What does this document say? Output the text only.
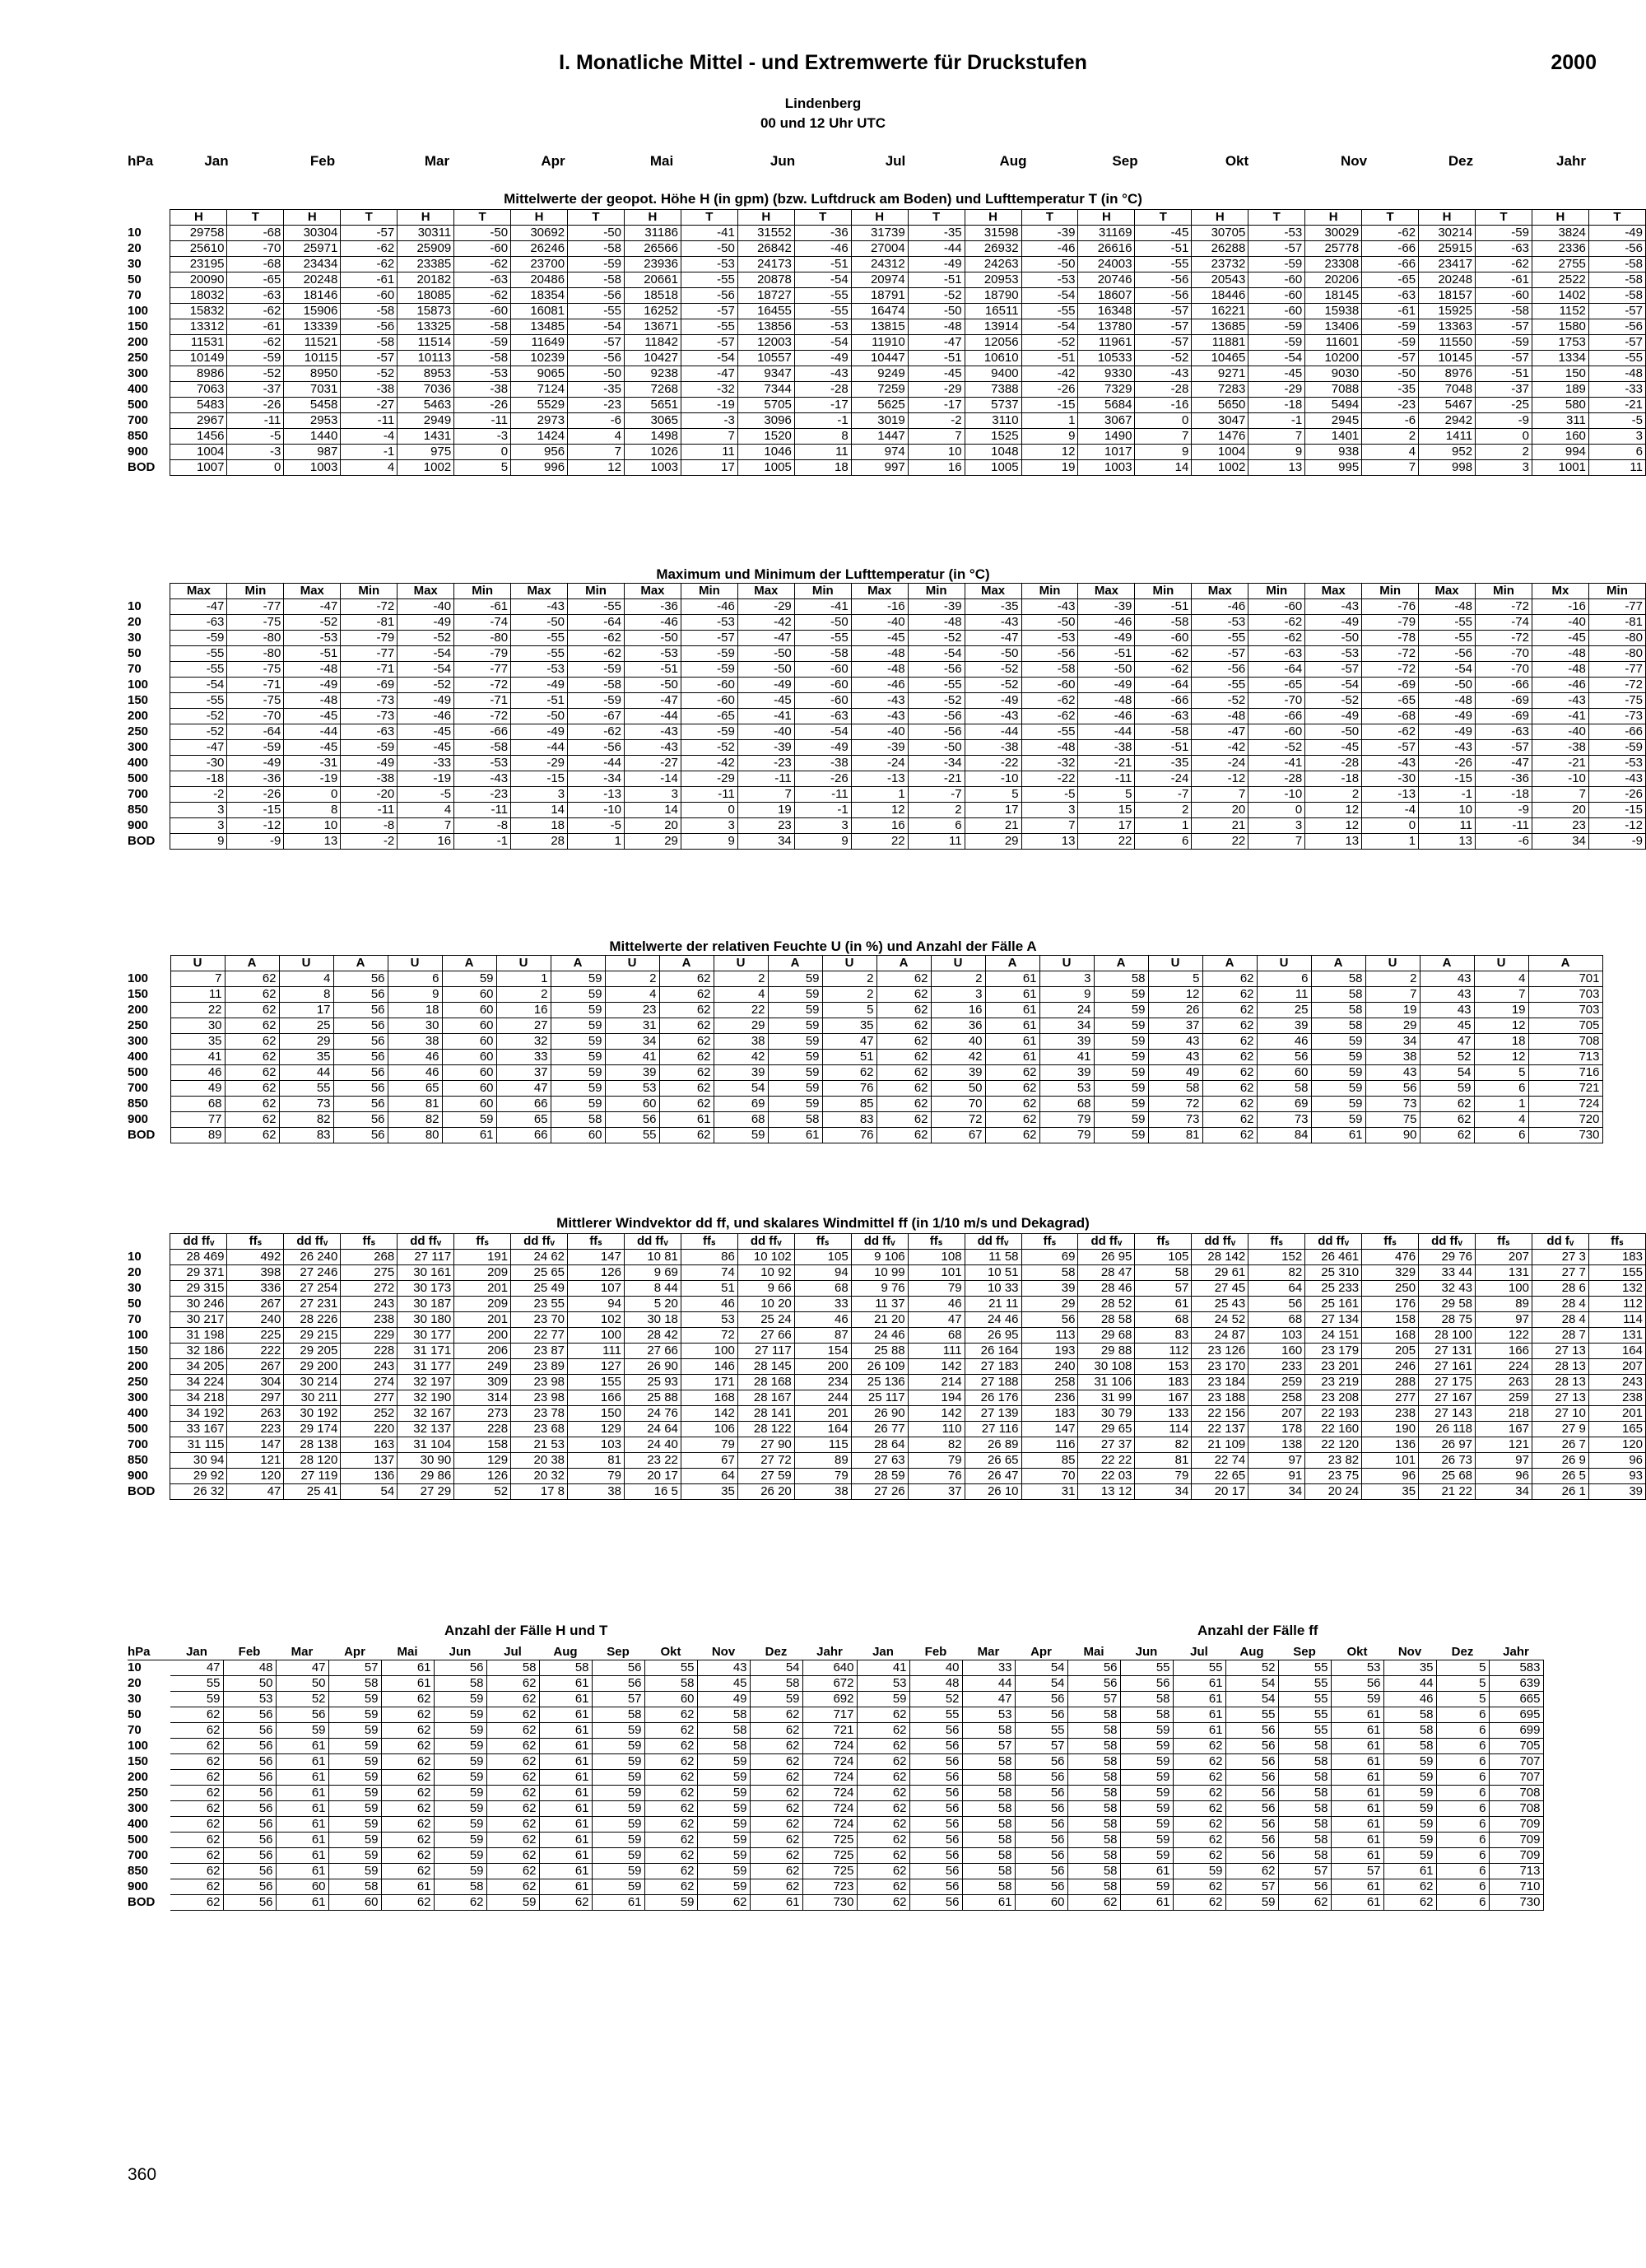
I. Monatliche Mittel - und Extremwerte für Druckstufen	2000
Lindenberg
00 und 12 Uhr UTC
hPa	Jan	Feb	Mar	Apr	Mai	Jun	Jul	Aug	Sep	Okt	Nov	Dez	Jahr
Mittelwerte der geopot. Höhe H (in gpm) (bzw. Luftdruck am Boden) und Lufttemperatur T (in °C)
	H	T	H	T	H	T	H	T	H	T	H	T	H	T	H	T	H	T	H	T	H	T	H	T	H	T
10	29758	-68	30304	-57	30311	-50	30692	-50	31186	-41	31552	-36	31739	-35	31598	-39	31169	-45	30705	-53	30029	-62	30214	-59	3824	-49
20	25610	-70	25971	-62	25909	-60	26246	-58	26566	-50	26842	-46	27004	-44	26932	-46	26616	-51	26288	-57	25778	-66	25915	-63	2336	-56
30	23195	-68	23434	-62	23385	-62	23700	-59	23936	-53	24173	-51	24312	-49	24263	-50	24003	-55	23732	-59	23308	-66	23417	-62	2755	-58
50	20090	-65	20248	-61	20182	-63	20486	-58	20661	-55	20878	-54	20974	-51	20953	-53	20746	-56	20543	-60	20206	-65	20248	-61	2522	-58
70	18032	-63	18146	-60	18085	-62	18354	-56	18518	-56	18727	-55	18791	-52	18790	-54	18607	-56	18446	-60	18145	-63	18157	-60	1402	-58
100	15832	-62	15906	-58	15873	-60	16081	-55	16252	-57	16455	-55	16474	-50	16511	-55	16348	-57	16221	-60	15938	-61	15925	-58	1152	-57
150	13312	-61	13339	-56	13325	-58	13485	-54	13671	-55	13856	-53	13815	-48	13914	-54	13780	-57	13685	-59	13406	-59	13363	-57	1580	-56
200	11531	-62	11521	-58	11514	-59	11649	-57	11842	-57	12003	-54	11910	-47	12056	-52	11961	-57	11881	-59	11601	-59	11550	-59	1753	-57
250	10149	-59	10115	-57	10113	-58	10239	-56	10427	-54	10557	-49	10447	-51	10610	-51	10533	-52	10465	-54	10200	-57	10145	-57	1334	-55
300	8986	-52	8950	-52	8953	-53	9065	-50	9238	-47	9347	-43	9249	-45	9400	-42	9330	-43	9271	-45	9030	-50	8976	-51	150	-48
400	7063	-37	7031	-38	7036	-38	7124	-35	7268	-32	7344	-28	7259	-29	7388	-26	7329	-28	7283	-29	7088	-35	7048	-37	189	-33
500	5483	-26	5458	-27	5463	-26	5529	-23	5651	-19	5705	-17	5625	-17	5737	-15	5684	-16	5650	-18	5494	-23	5467	-25	580	-21
700	2967	-11	2953	-11	2949	-11	2973	-6	3065	-3	3096	-1	3019	-2	3110	1	3067	0	3047	-1	2945	-6	2942	-9	311	-5
850	1456	-5	1440	-4	1431	-3	1424	4	1498	7	1520	8	1447	7	1525	9	1490	7	1476	7	1401	2	1411	0	160	3
900	1004	-3	987	-1	975	0	956	7	1026	11	1046	11	974	10	1048	12	1017	9	1004	9	938	4	952	2	994	6
BOD	1007	0	1003	4	1002	5	996	12	1003	17	1005	18	997	16	1005	19	1003	14	1002	13	995	7	998	3	1001	11
Maximum und Minimum der Lufttemperatur (in °C)
	Max	Min	Max	Min	Max	Min	Max	Min	Max	Min	Max	Min	Max	Min	Max	Min	Max	Min	Max	Min	Max	Min	Max	Min	Mx	Min
10	-47	-77	-47	-72	-40	-61	-43	-55	-36	-46	-29	-41	-16	-39	-35	-43	-39	-51	-46	-60	-43	-76	-48	-72	-16	-77
20	-63	-75	-52	-81	-49	-74	-50	-64	-46	-53	-42	-50	-40	-48	-43	-50	-46	-58	-53	-62	-49	-79	-55	-74	-40	-81
30	-59	-80	-53	-79	-52	-80	-55	-62	-50	-57	-47	-55	-45	-52	-47	-53	-49	-60	-55	-62	-50	-78	-55	-72	-45	-80
50	-55	-80	-51	-77	-54	-79	-55	-62	-53	-59	-50	-58	-48	-54	-50	-56	-51	-62	-57	-63	-53	-72	-56	-70	-48	-80
70	-55	-75	-48	-71	-54	-77	-53	-59	-51	-59	-50	-60	-48	-56	-52	-58	-50	-62	-56	-64	-57	-72	-54	-70	-48	-77
100	-54	-71	-49	-69	-52	-72	-49	-58	-50	-60	-49	-60	-46	-55	-52	-60	-49	-64	-55	-65	-54	-69	-50	-66	-46	-72
150	-55	-75	-48	-73	-49	-71	-51	-59	-47	-60	-45	-60	-43	-52	-49	-62	-48	-66	-52	-70	-52	-65	-48	-69	-43	-75
200	-52	-70	-45	-73	-46	-72	-50	-67	-44	-65	-41	-63	-43	-56	-43	-62	-46	-63	-48	-66	-49	-68	-49	-69	-41	-73
250	-52	-64	-44	-63	-45	-66	-49	-62	-43	-59	-40	-54	-40	-56	-44	-55	-44	-58	-47	-60	-50	-62	-49	-63	-40	-66
300	-47	-59	-45	-59	-45	-58	-44	-56	-43	-52	-39	-49	-39	-50	-38	-48	-38	-51	-42	-52	-45	-57	-43	-57	-38	-59
400	-30	-49	-31	-49	-33	-53	-29	-44	-27	-42	-23	-38	-24	-34	-22	-32	-21	-35	-24	-41	-28	-43	-26	-47	-21	-53
500	-18	-36	-19	-38	-19	-43	-15	-34	-14	-29	-11	-26	-13	-21	-10	-22	-11	-24	-12	-28	-18	-30	-15	-36	-10	-43
700	-2	-26	0	-20	-5	-23	3	-13	3	-11	7	-11	1	-7	5	-5	5	-7	7	-10	2	-13	-1	-18	7	-26
850	3	-15	8	-11	4	-11	14	-10	14	0	19	-1	12	2	17	3	15	2	20	0	12	-4	10	-9	20	-15
900	3	-12	10	-8	7	-8	18	-5	20	3	23	3	16	6	21	7	17	1	21	3	12	0	11	-11	23	-12
BOD	9	-9	13	-2	16	-1	28	1	29	9	34	9	22	11	29	13	22	6	22	7	13	1	13	-6	34	-9
Mittelwerte der relativen Feuchte U (in %) und Anzahl der Fälle A
	U	A	U	A	U	A	U	A	U	A	U	A	U	A	U	A	U	A	U	A	U	A	U	A	U	A
100	7	62	4	56	6	59	1	59	2	62	2	59	2	62	2	61	3	58	5	62	6	58	2	43	4	701
150	11	62	8	56	9	60	2	59	4	62	4	59	2	62	3	61	9	59	12	62	11	58	7	43	7	703
200	22	62	17	56	18	60	16	59	23	62	22	59	5	62	16	61	24	59	26	62	25	58	19	43	19	703
250	30	62	25	56	30	60	27	59	31	62	29	59	35	62	36	61	34	59	37	62	39	58	29	45	12	705
300	35	62	29	56	38	60	32	59	34	62	38	59	47	62	40	61	39	59	43	62	46	59	34	47	18	708
400	41	62	35	56	46	60	33	59	41	62	42	59	51	62	42	61	41	59	43	62	56	59	38	52	12	713
500	46	62	44	56	46	60	37	59	39	62	39	59	62	62	39	62	39	59	49	62	60	59	43	54	5	716
700	49	62	55	56	65	60	47	59	53	62	54	59	76	62	50	62	53	59	58	62	58	59	56	59	6	721
850	68	62	73	56	81	60	66	59	60	62	69	59	85	62	70	62	68	59	72	62	69	59	73	62	1	724
900	77	62	82	56	82	59	65	58	56	61	68	58	83	62	72	62	79	59	73	62	73	59	75	62	4	720
BOD	89	62	83	56	80	61	66	60	55	62	59	61	76	62	67	62	79	59	81	62	84	61	90	62	6	730
Mittlerer Windvektor dd ff, und skalares Windmittel ff (in 1/10 m/s und Dekagrad)
	dd ffᵥ	ffₛ	dd ffᵥ	ffₛ	dd ffᵥ	ffₛ	dd ffᵥ	ffₛ	dd ffᵥ	ffₛ	dd ffᵥ	ffₛ	dd ffᵥ	ffₛ	dd ffᵥ	ffₛ	dd ffᵥ	ffₛ	dd ffᵥ	ffₛ	dd ffᵥ	ffₛ	dd ffᵥ	ffₛ	dd fᵥ	ffₛ
10	28 469	492	26 240	268	27 117	191	24 62	147	10 81	86	10 102	105	9 106	108	11 58	69	26 95	105	28 142	152	26 461	476	29 76	207	27 3	183
20	29 371	398	27 246	275	30 161	209	25 65	126	9 69	74	10 92	94	10 99	101	10 51	58	28 47	58	29 61	82	25 310	329	33 44	131	27 7	155
30	29 315	336	27 254	272	30 173	201	25 49	107	8 44	51	9 66	68	9 76	79	10 33	39	28 46	57	27 45	64	25 233	250	32 43	100	28 6	132
50	30 246	267	27 231	243	30 187	209	23 55	94	5 20	46	10 20	33	11 37	46	21 11	29	28 52	61	25 43	56	25 161	176	29 58	89	28 4	112
70	30 217	240	28 226	238	30 180	201	23 70	102	30 18	53	25 24	46	21 20	47	24 46	56	28 58	68	24 52	68	27 134	158	28 75	97	28 4	114
100	31 198	225	29 215	229	30 177	200	22 77	100	28 42	72	27 66	87	24 46	68	26 95	113	29 68	83	24 87	103	24 151	168	28 100	122	28 7	131
150	32 186	222	29 205	228	31 171	206	23 87	111	27 66	100	27 117	154	25 88	111	26 164	193	29 88	112	23 126	160	23 179	205	27 131	166	27 13	164
200	34 205	267	29 200	243	31 177	249	23 89	127	26 90	146	28 145	200	26 109	142	27 183	240	30 108	153	23 170	233	23 201	246	27 161	224	28 13	207
250	34 224	304	30 214	274	32 197	309	23 98	155	25 93	171	28 168	234	25 136	214	27 188	258	31 106	183	23 184	259	23 219	288	27 175	263	28 13	243
300	34 218	297	30 211	277	32 190	314	23 98	166	25 88	168	28 167	244	25 117	194	26 176	236	31 99	167	23 188	258	23 208	277	27 167	259	27 13	238
400	34 192	263	30 192	252	32 167	273	23 78	150	24 76	142	28 141	201	26 90	142	27 139	183	30 79	133	22 156	207	22 193	238	27 143	218	27 10	201
500	33 167	223	29 174	220	32 137	228	23 68	129	24 64	106	28 122	164	26 77	110	27 116	147	29 65	114	22 137	178	22 160	190	26 118	167	27 9	165
700	31 115	147	28 138	163	31 104	158	21 53	103	24 40	79	27 90	115	28 64	82	26 89	116	27 37	82	21 109	138	22 120	136	26 97	121	26 7	120
850	30 94	121	28 120	137	30 90	129	20 38	81	23 22	67	27 72	89	27 63	79	26 65	85	22 22	81	22 74	97	23 82	101	26 73	97	26 9	96
900	29 92	120	27 119	136	29 86	126	20 32	79	20 17	64	27 59	79	28 59	76	26 47	70	22 03	79	22 65	91	23 75	96	25 68	96	26 5	93
BOD	26 32	47	25 41	54	27 29	52	17 8	38	16 5	35	26 20	38	27 26	37	26 10	31	13 12	34	20 17	34	20 24	35	21 22	34	26 1	39
Anzahl der Fälle H und T	Anzahl der Fälle ff
hPa	Jan	Feb	Mar	Apr	Mai	Jun	Jul	Aug	Sep	Okt	Nov	Dez	Jahr	Jan	Feb	Mar	Apr	Mai	Jun	Jul	Aug	Sep	Okt	Nov	Dez	Jahr
10	47	48	47	57	61	56	58	58	56	55	43	54	640	41	40	33	54	56	55	55	52	55	53	35	5	583
20	55	50	50	58	61	58	62	61	56	58	45	58	672	53	48	44	54	56	56	61	54	55	56	44	5	639
30	59	53	52	59	62	59	62	61	57	60	49	59	692	59	52	47	56	57	58	61	54	55	59	46	5	665
50	62	56	56	59	62	59	62	61	58	62	58	62	717	62	55	53	56	58	58	61	55	55	61	58	6	695
70	62	56	59	59	62	59	62	61	59	62	58	62	721	62	56	58	55	58	59	61	56	55	61	58	6	699
100	62	56	61	59	62	59	62	61	59	62	58	62	724	62	56	57	57	58	59	62	56	58	61	58	6	705
150	62	56	61	59	62	59	62	61	59	62	59	62	724	62	56	58	56	58	59	62	56	58	61	59	6	707
200	62	56	61	59	62	59	62	61	59	62	59	62	724	62	56	58	56	58	59	62	56	58	61	59	6	707
250	62	56	61	59	62	59	62	61	59	62	59	62	724	62	56	58	56	58	59	62	56	58	61	59	6	708
300	62	56	61	59	62	59	62	61	59	62	59	62	724	62	56	58	56	58	59	62	56	58	61	59	6	708
400	62	56	61	59	62	59	62	61	59	62	59	62	724	62	56	58	56	58	59	62	56	58	61	59	6	709
500	62	56	61	59	62	59	62	61	59	62	59	62	725	62	56	58	56	58	59	62	56	58	61	59	6	709
700	62	56	61	59	62	59	62	61	59	62	59	62	725	62	56	58	56	58	59	62	56	58	61	59	6	709
850	62	56	61	59	62	59	62	61	59	62	59	62	725	62	56	58	56	58	61	59	62	57	57	61	6	713
900	62	56	60	58	61	58	62	61	59	62	59	62	723	62	56	58	56	58	59	62	57	56	61	62	6	710
BOD	62	56	61	60	62	62	59	62	61	59	62	61	730	62	56	61	60	62	61	62	59	62	61	62	6	730
360
